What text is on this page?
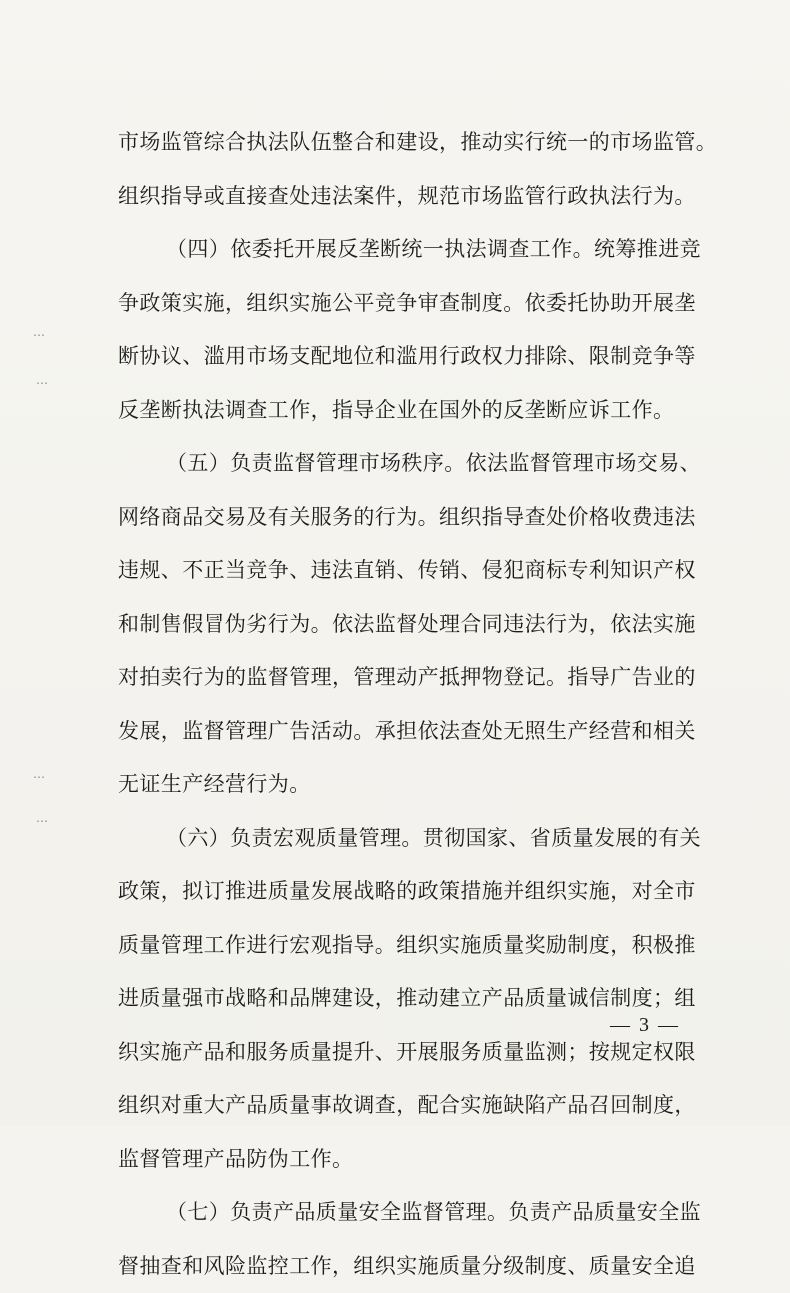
⋯
⋯
⋯
⋯
市场监管综合执法队伍整合和建设，推动实行统一的市场监管。
组织指导或直接查处违法案件，规范市场监管行政执法行为。
（四）依委托开展反垄断统一执法调查工作。统筹推进竞
争政策实施，组织实施公平竞争审查制度。依委托协助开展垄
断协议、滥用市场支配地位和滥用行政权力排除、限制竞争等
反垄断执法调查工作，指导企业在国外的反垄断应诉工作。
（五）负责监督管理市场秩序。依法监督管理市场交易、
网络商品交易及有关服务的行为。组织指导查处价格收费违法
违规、不正当竞争、违法直销、传销、侵犯商标专利知识产权
和制售假冒伪劣行为。依法监督处理合同违法行为，依法实施
对拍卖行为的监督管理，管理动产抵押物登记。指导广告业的
发展，监督管理广告活动。承担依法查处无照生产经营和相关
无证生产经营行为。
（六）负责宏观质量管理。贯彻国家、省质量发展的有关
政策，拟订推进质量发展战略的政策措施并组织实施，对全市
质量管理工作进行宏观指导。组织实施质量奖励制度，积极推
进质量强市战略和品牌建设，推动建立产品质量诚信制度；组
织实施产品和服务质量提升、开展服务质量监测；按规定权限
组织对重大产品质量事故调查，配合实施缺陷产品召回制度，
监督管理产品防伪工作。
（七）负责产品质量安全监督管理。负责产品质量安全监
督抽查和风险监控工作，组织实施质量分级制度、质量安全追
— 3 —
